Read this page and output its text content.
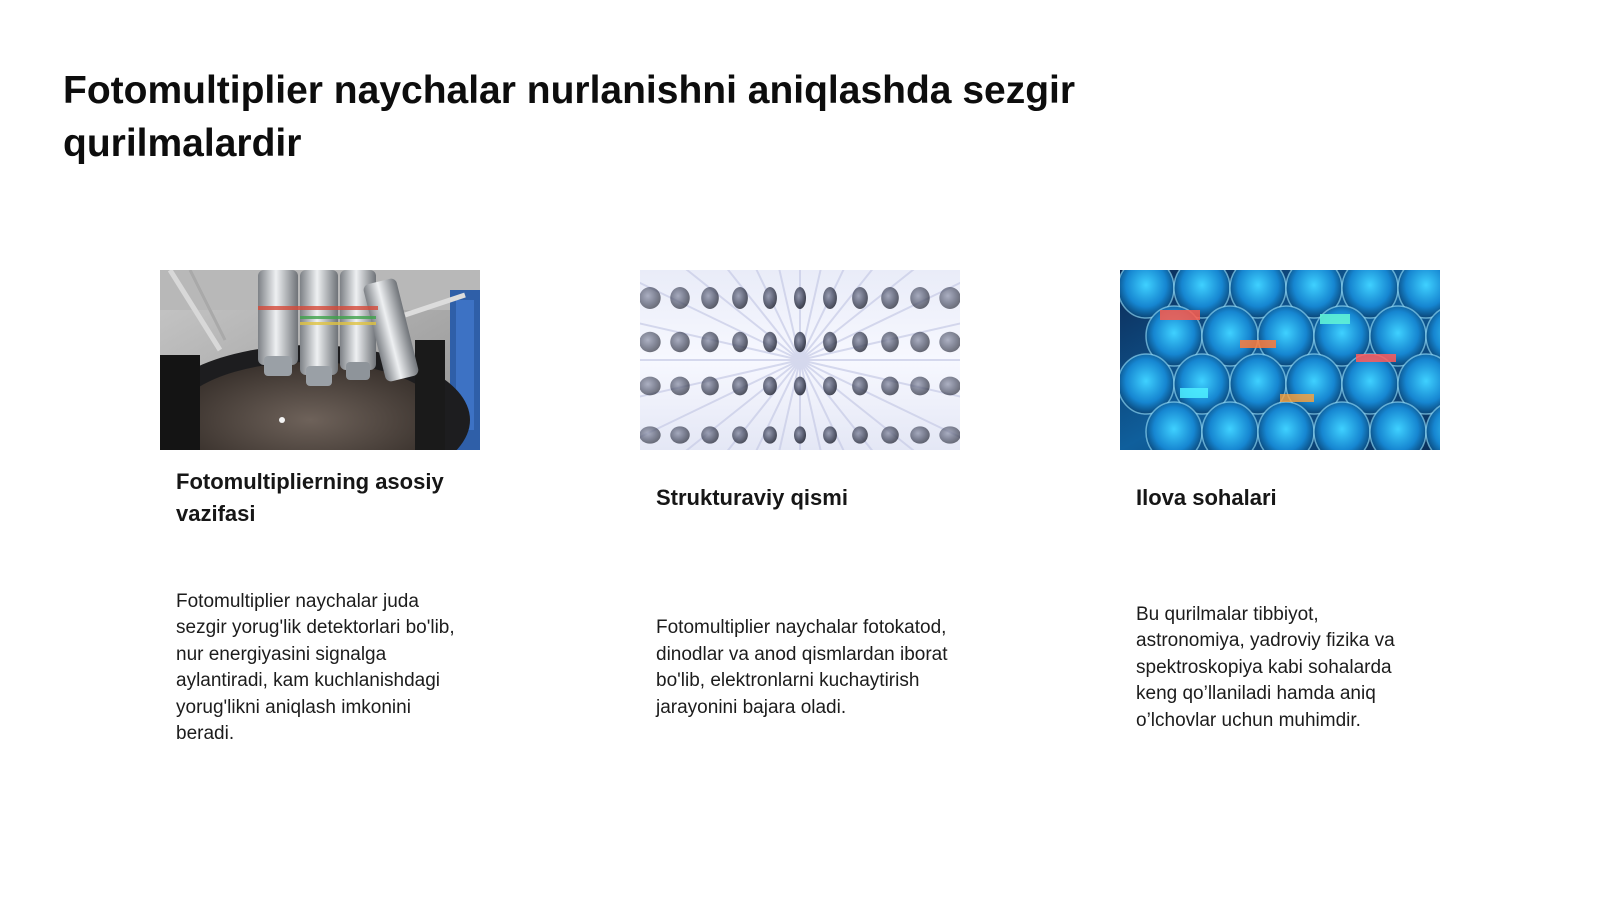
Fotomultiplier naychalar nurlanishni aniqlashda sezgir qurilmalardir
Fotomultiplierning asosiy vazifasi

Fotomultiplier naychalar juda sezgir yorug'lik detektorlari bo'lib, nur energiyasini signalga aylantiradi, kam kuchlanishdagi yorug'likni aniqlash imkonini beradi.

Strukturaviy qismi

Fotomultiplier naychalar fotokatod, dinodlar va anod qismlardan iborat bo'lib, elektronlarni kuchaytirish jarayonini bajara oladi.

Ilova sohalari

Bu qurilmalar tibbiyot, astronomiya, yadroviy fizika va spektroskopiya kabi sohalarda keng qo’llaniladi hamda aniq o’lchovlar uchun muhimdir.
